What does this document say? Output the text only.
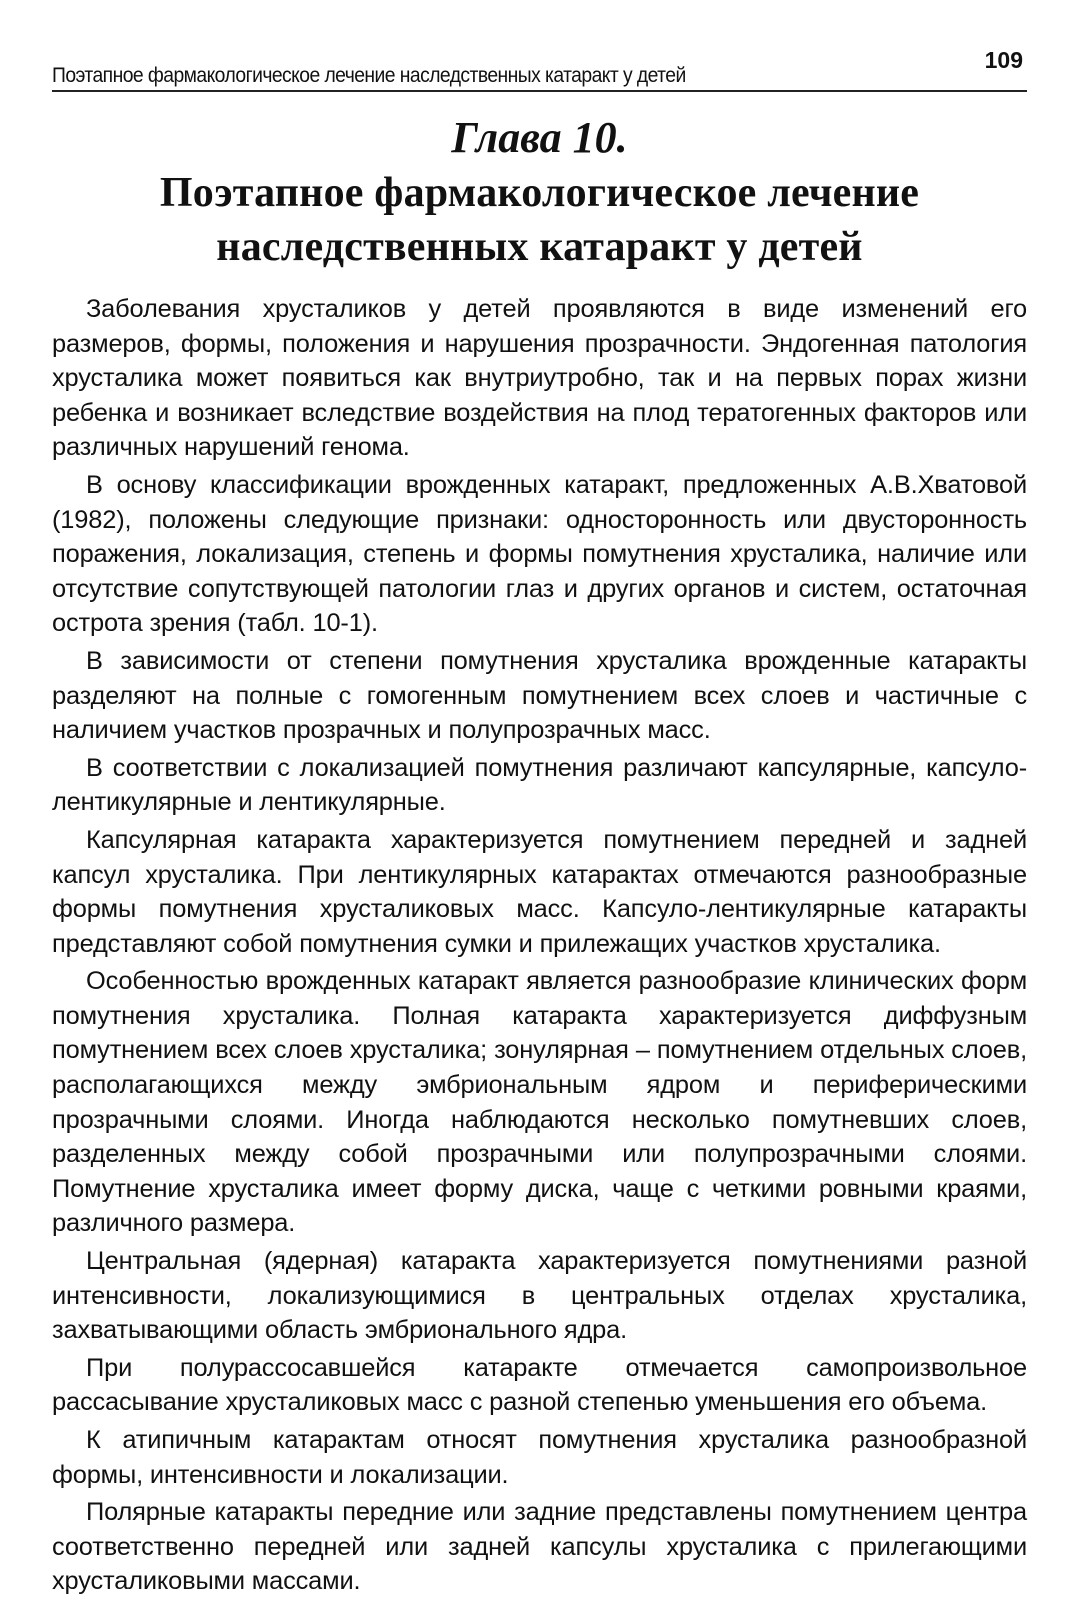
Поэтапное фармакологическое лечение наследственных катаракт у детей
109
Глава 10.
Поэтапное фармакологическое лечение
наследственных катаракт у детей

Заболевания хрусталиков у детей проявляются в виде изменений его размеров, формы, положения и нарушения прозрачности. Эндогенная патология хрусталика может появиться как внутриутробно, так и на первых порах жизни ребенка и возникает вследствие воздействия на плод тератогенных факторов или различных нарушений генома.

В основу классификации врожденных катаракт, предложенных А.В.Хватовой (1982), положены следующие признаки: односторонность или двусторонность поражения, локализация, степень и формы помутнения хрусталика, наличие или отсутствие сопутствующей патологии глаз и других органов и систем, остаточная острота зрения (табл. 10-1).

В зависимости от степени помутнения хрусталика врожденные катаракты разделяют на полные с гомогенным помутнением всех слоев и частичные с наличием участков прозрачных и полупрозрачных масс.

В соответствии с локализацией помутнения различают капсулярные, капсуло-лентикулярные и лентикулярные.

Капсулярная катаракта характеризуется помутнением передней и задней капсул хрусталика. При лентикулярных катарактах отмечаются разнообразные формы помутнения хрусталиковых масс. Капсуло-лентикулярные катаракты представляют собой помутнения сумки и прилежащих участков хрусталика.

Особенностью врожденных катаракт является разнообразие клинических форм помутнения хрусталика. Полная катаракта характеризуется диффузным помутнением всех слоев хрусталика; зонулярная – помутнением отдельных слоев, располагающихся между эмбриональным ядром и периферическими прозрачными слоями. Иногда наблюдаются несколько помутневших слоев, разделенных между собой прозрачными или полупрозрачными слоями. Помутнение хрусталика имеет форму диска, чаще с четкими ровными краями, различного размера.

Центральная (ядерная) катаракта характеризуется помутнениями разной интенсивности, локализующимися в центральных отделах хрусталика, захватывающими область эмбрионального ядра.

При полурассосавшейся катаракте отмечается самопроизвольное рассасывание хрусталиковых масс с разной степенью уменьшения его объема.

К атипичным катарактам относят помутнения хрусталика разнообразной формы, интенсивности и локализации.

Полярные катаракты передние или задние представлены помутнением центра соответственно передней или задней капсулы хрусталика с прилегающими хрусталиковыми массами.
